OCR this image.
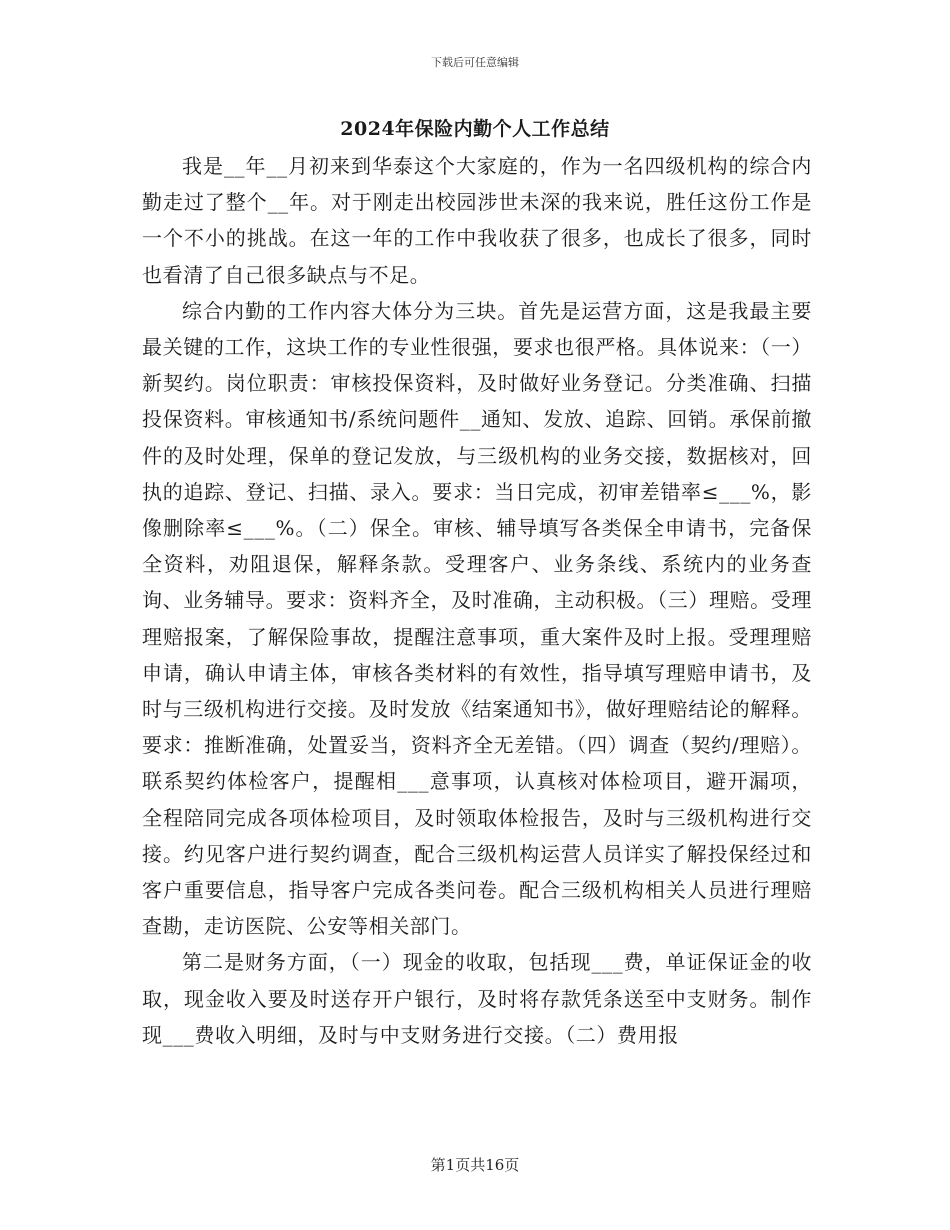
下载后可任意编辑
2024年保险内勤个人工作总结

我是__年__月初来到华泰这个大家庭的，作为一名四级机构的综合内勤走过了整个__年。对于刚走出校园涉世未深的我来说，胜任这份工作是一个不小的挑战。在这一年的工作中我收获了很多，也成长了很多，同时也看清了自己很多缺点与不足。

综合内勤的工作内容大体分为三块。首先是运营方面，这是我最主要最关键的工作，这块工作的专业性很强，要求也很严格。具体说来：（一）新契约。岗位职责：审核投保资料，及时做好业务登记。分类准确、扫描投保资料。审核通知书/系统问题件__通知、发放、追踪、回销。承保前撤件的及时处理，保单的登记发放，与三级机构的业务交接，数据核对，回执的追踪、登记、扫描、录入。要求：当日完成，初审差错率≤___%，影像删除率≤___%。（二）保全。审核、辅导填写各类保全申请书，完备保全资料，劝阻退保，解释条款。受理客户、业务条线、系统内的业务查询、业务辅导。要求：资料齐全，及时准确，主动积极。（三）理赔。受理理赔报案，了解保险事故，提醒注意事项，重大案件及时上报。受理理赔申请，确认申请主体，审核各类材料的有效性，指导填写理赔申请书，及时与三级机构进行交接。及时发放《结案通知书》，做好理赔结论的解释。要求：推断准确，处置妥当，资料齐全无差错。（四）调查（契约/理赔）。联系契约体检客户，提醒相___意事项，认真核对体检项目，避开漏项，全程陪同完成各项体检项目，及时领取体检报告，及时与三级机构进行交接。约见客户进行契约调查，配合三级机构运营人员详实了解投保经过和客户重要信息，指导客户完成各类问卷。配合三级机构相关人员进行理赔查勘，走访医院、公安等相关部门。

第二是财务方面，（一）现金的收取，包括现___费，单证保证金的收取，现金收入要及时送存开户银行，及时将存款凭条送至中支财务。制作现___费收入明细，及时与中支财务进行交接。（二）费用报

第1页共16页
